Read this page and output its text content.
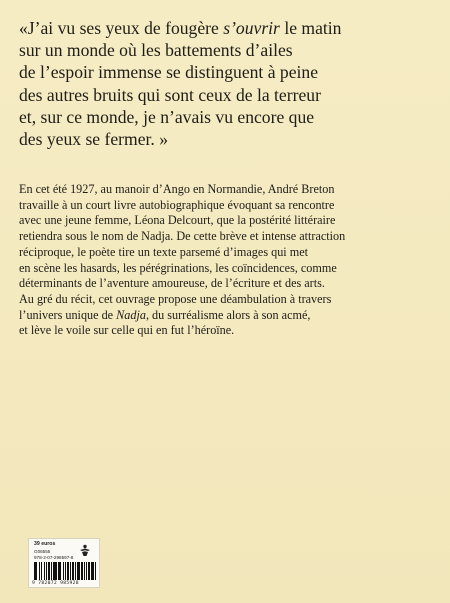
«J’ai vu ses yeux de fougère s’ouvrir le matin
sur un monde où les battements d’ailes
de l’espoir immense se distinguent à peine
des autres bruits qui sont ceux de la terreur
et, sur ce monde, je n’avais vu encore que
des yeux se fermer. »

En cet été 1927, au manoir d’Ango en Normandie, André Breton
travaille à un court livre autobiographique évoquant sa rencontre
avec une jeune femme, Léona Delcourt, que la postérité littéraire
retiendra sous le nom de Nadja. De cette brève et intense attraction
réciproque, le poète tire un texte parsemé d’images qui met
en scène les hasards, les pérégrinations, les coïncidences, comme
déterminants de l’aventure amoureuse, de l’écriture et des arts.
Au gré du récit, cet ouvrage propose une déambulation à travers
l’univers unique de Nadja, du surréalisme alors à son acmé,
et lève le voile sur celle qui en fut l’héroïne.

39 euros
G06555
978-2-07-298597-8
9 782072 985928
